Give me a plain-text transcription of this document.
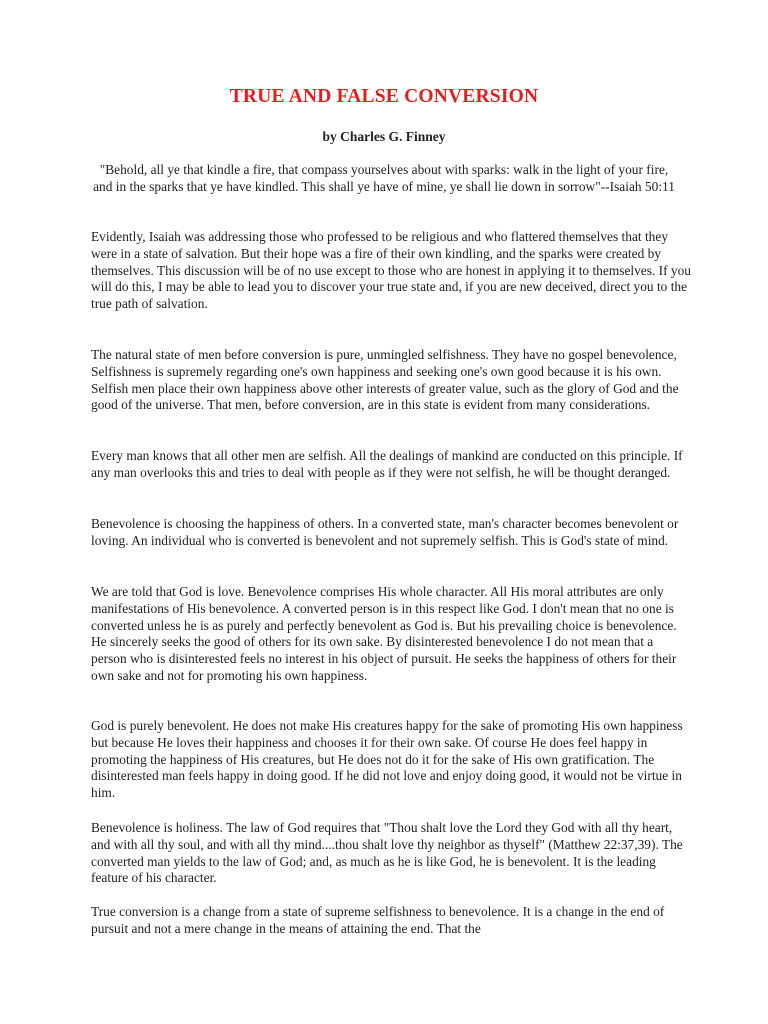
TRUE AND FALSE CONVERSION
by Charles G. Finney
"Behold, all ye that kindle a fire, that compass yourselves about with sparks: walk in the light of your fire, and in the sparks that ye have kindled. This shall ye have of mine, ye shall lie down in sorrow"--Isaiah 50:11

Evidently, Isaiah was addressing those who professed to be religious and who flattered themselves that they were in a state of salvation. But their hope was a fire of their own kindling, and the sparks were created by themselves. This discussion will be of no use except to those who are honest in applying it to themselves. If you will do this, I may be able to lead you to discover your true state and, if you are new deceived, direct you to the true path of salvation.

The natural state of men before conversion is pure, unmingled selfishness. They have no gospel benevolence, Selfishness is supremely regarding one's own happiness and seeking one's own good because it is his own. Selfish men place their own happiness above other interests of greater value, such as the glory of God and the good of the universe. That men, before conversion, are in this state is evident from many considerations.

Every man knows that all other men are selfish. All the dealings of mankind are conducted on this principle. If any man overlooks this and tries to deal with people as if they were not selfish, he will be thought deranged.

Benevolence is choosing the happiness of others. In a converted state, man's character becomes benevolent or loving. An individual who is converted is benevolent and not supremely selfish. This is God's state of mind.

We are told that God is love. Benevolence comprises His whole character. All His moral attributes are only manifestations of His benevolence. A converted person is in this respect like God. I don't mean that no one is converted unless he is as purely and perfectly benevolent as God is. But his prevailing choice is benevolence. He sincerely seeks the good of others for its own sake. By disinterested benevolence I do not mean that a person who is disinterested feels no interest in his object of pursuit. He seeks the happiness of others for their own sake and not for promoting his own happiness.

God is purely benevolent. He does not make His creatures happy for the sake of promoting His own happiness but because He loves their happiness and chooses it for their own sake. Of course He does feel happy in promoting the happiness of His creatures, but He does not do it for the sake of His own gratification. The disinterested man feels happy in doing good. If he did not love and enjoy doing good, it would not be virtue in him.

Benevolence is holiness. The law of God requires that "Thou shalt love the Lord they God with all thy heart, and with all thy soul, and with all thy mind....thou shalt love thy neighbor as thyself" (Matthew 22:37,39). The converted man yields to the law of God; and, as much as he is like God, he is benevolent. It is the leading feature of his character.

True conversion is a change from a state of supreme selfishness to benevolence. It is a change in the end of pursuit and not a mere change in the means of attaining the end. That the
